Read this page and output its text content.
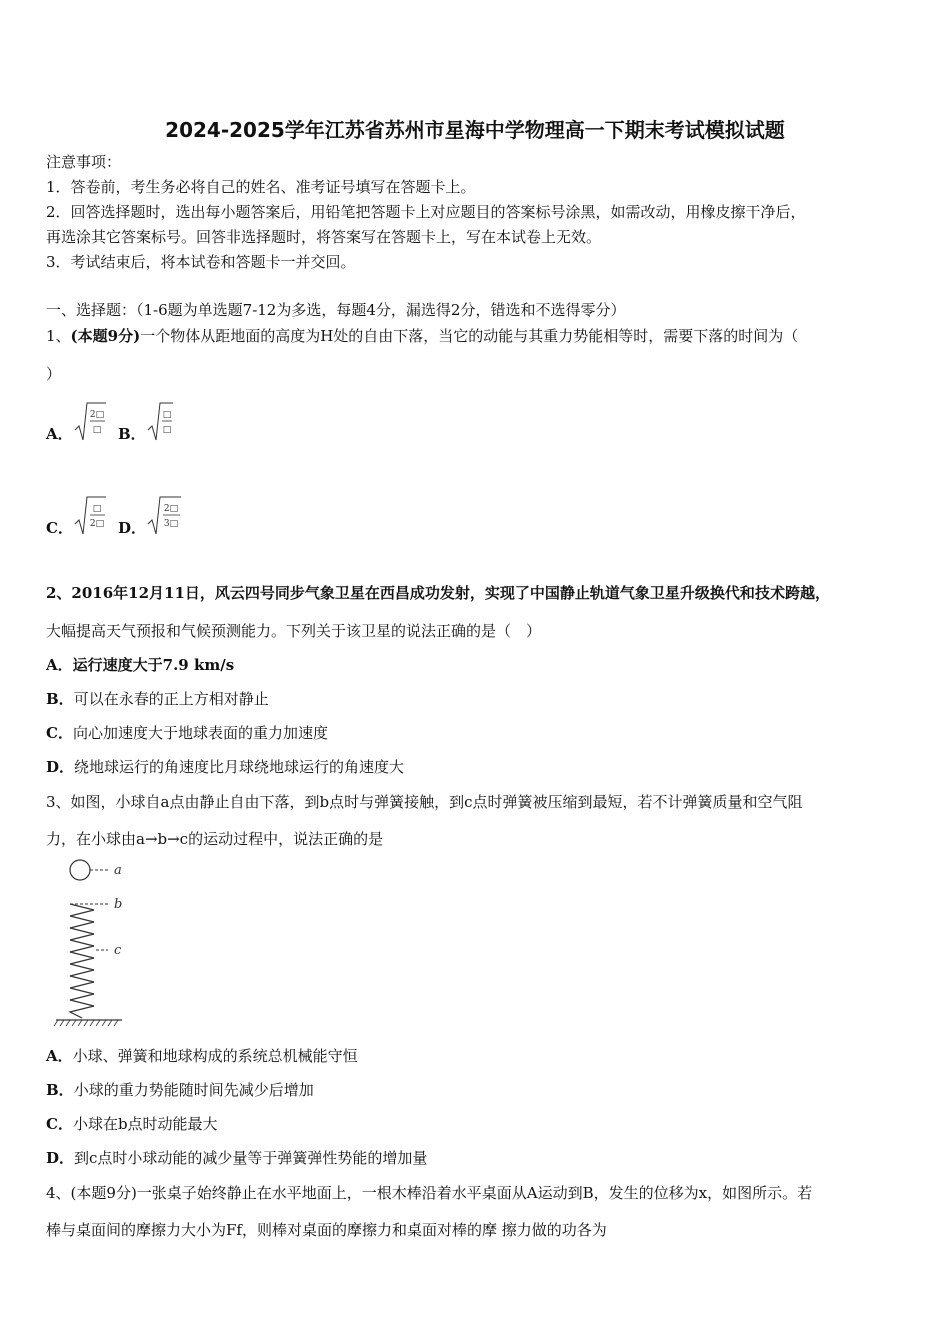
2024-2025学年江苏省苏州市星海中学物理高一下期末考试模拟试题
注意事项：
1．答卷前，考生务必将自己的姓名、准考证号填写在答题卡上。
2．回答选择题时，选出每小题答案后，用铅笔把答题卡上对应题目的答案标号涂黑，如需改动，用橡皮擦干净后，
再选涂其它答案标号。回答非选择题时，将答案写在答题卡上，写在本试卷上无效。
3．考试结束后，将本试卷和答题卡一并交回。
一、选择题：（1-6题为单选题7-12为多选，每题4分，漏选得2分，错选和不选得零分）
1、(本题9分)一个物体从距地面的高度为H处的自由下落，当它的动能与其重力势能相等时，需要下落的时间为（
）
A．
2□
□ B．
□
□
C．
□
2□ D．
2□
3□
2、2016年12月11日，风云四号同步气象卫星在西昌成功发射，实现了中国静止轨道气象卫星升级换代和技术跨越，
大幅提高天气预报和气候预测能力。下列关于该卫星的说法正确的是（　）
A．运行速度大于7.9 km/s
B．可以在永春的正上方相对静止
C．向心加速度大于地球表面的重力加速度
D．绕地球运行的角速度比月球绕地球运行的角速度大
3、如图，小球自a点由静止自由下落，到b点时与弹簧接触，到c点时弹簧被压缩到最短，若不计弹簧质量和空气阻
力，在小球由a→b→c的运动过程中，说法正确的是
a
b
c
A．小球、弹簧和地球构成的系统总机械能守恒
B．小球的重力势能随时间先减少后增加
C．小球在b点时动能最大
D．到c点时小球动能的减少量等于弹簧弹性势能的增加量
4、(本题9分)一张桌子始终静止在水平地面上，一根木棒沿着水平桌面从A运动到B，发生的位移为x，如图所示。若
棒与桌面间的摩擦力大小为Ff，则棒对桌面的摩擦力和桌面对棒的摩 擦力做的功各为
